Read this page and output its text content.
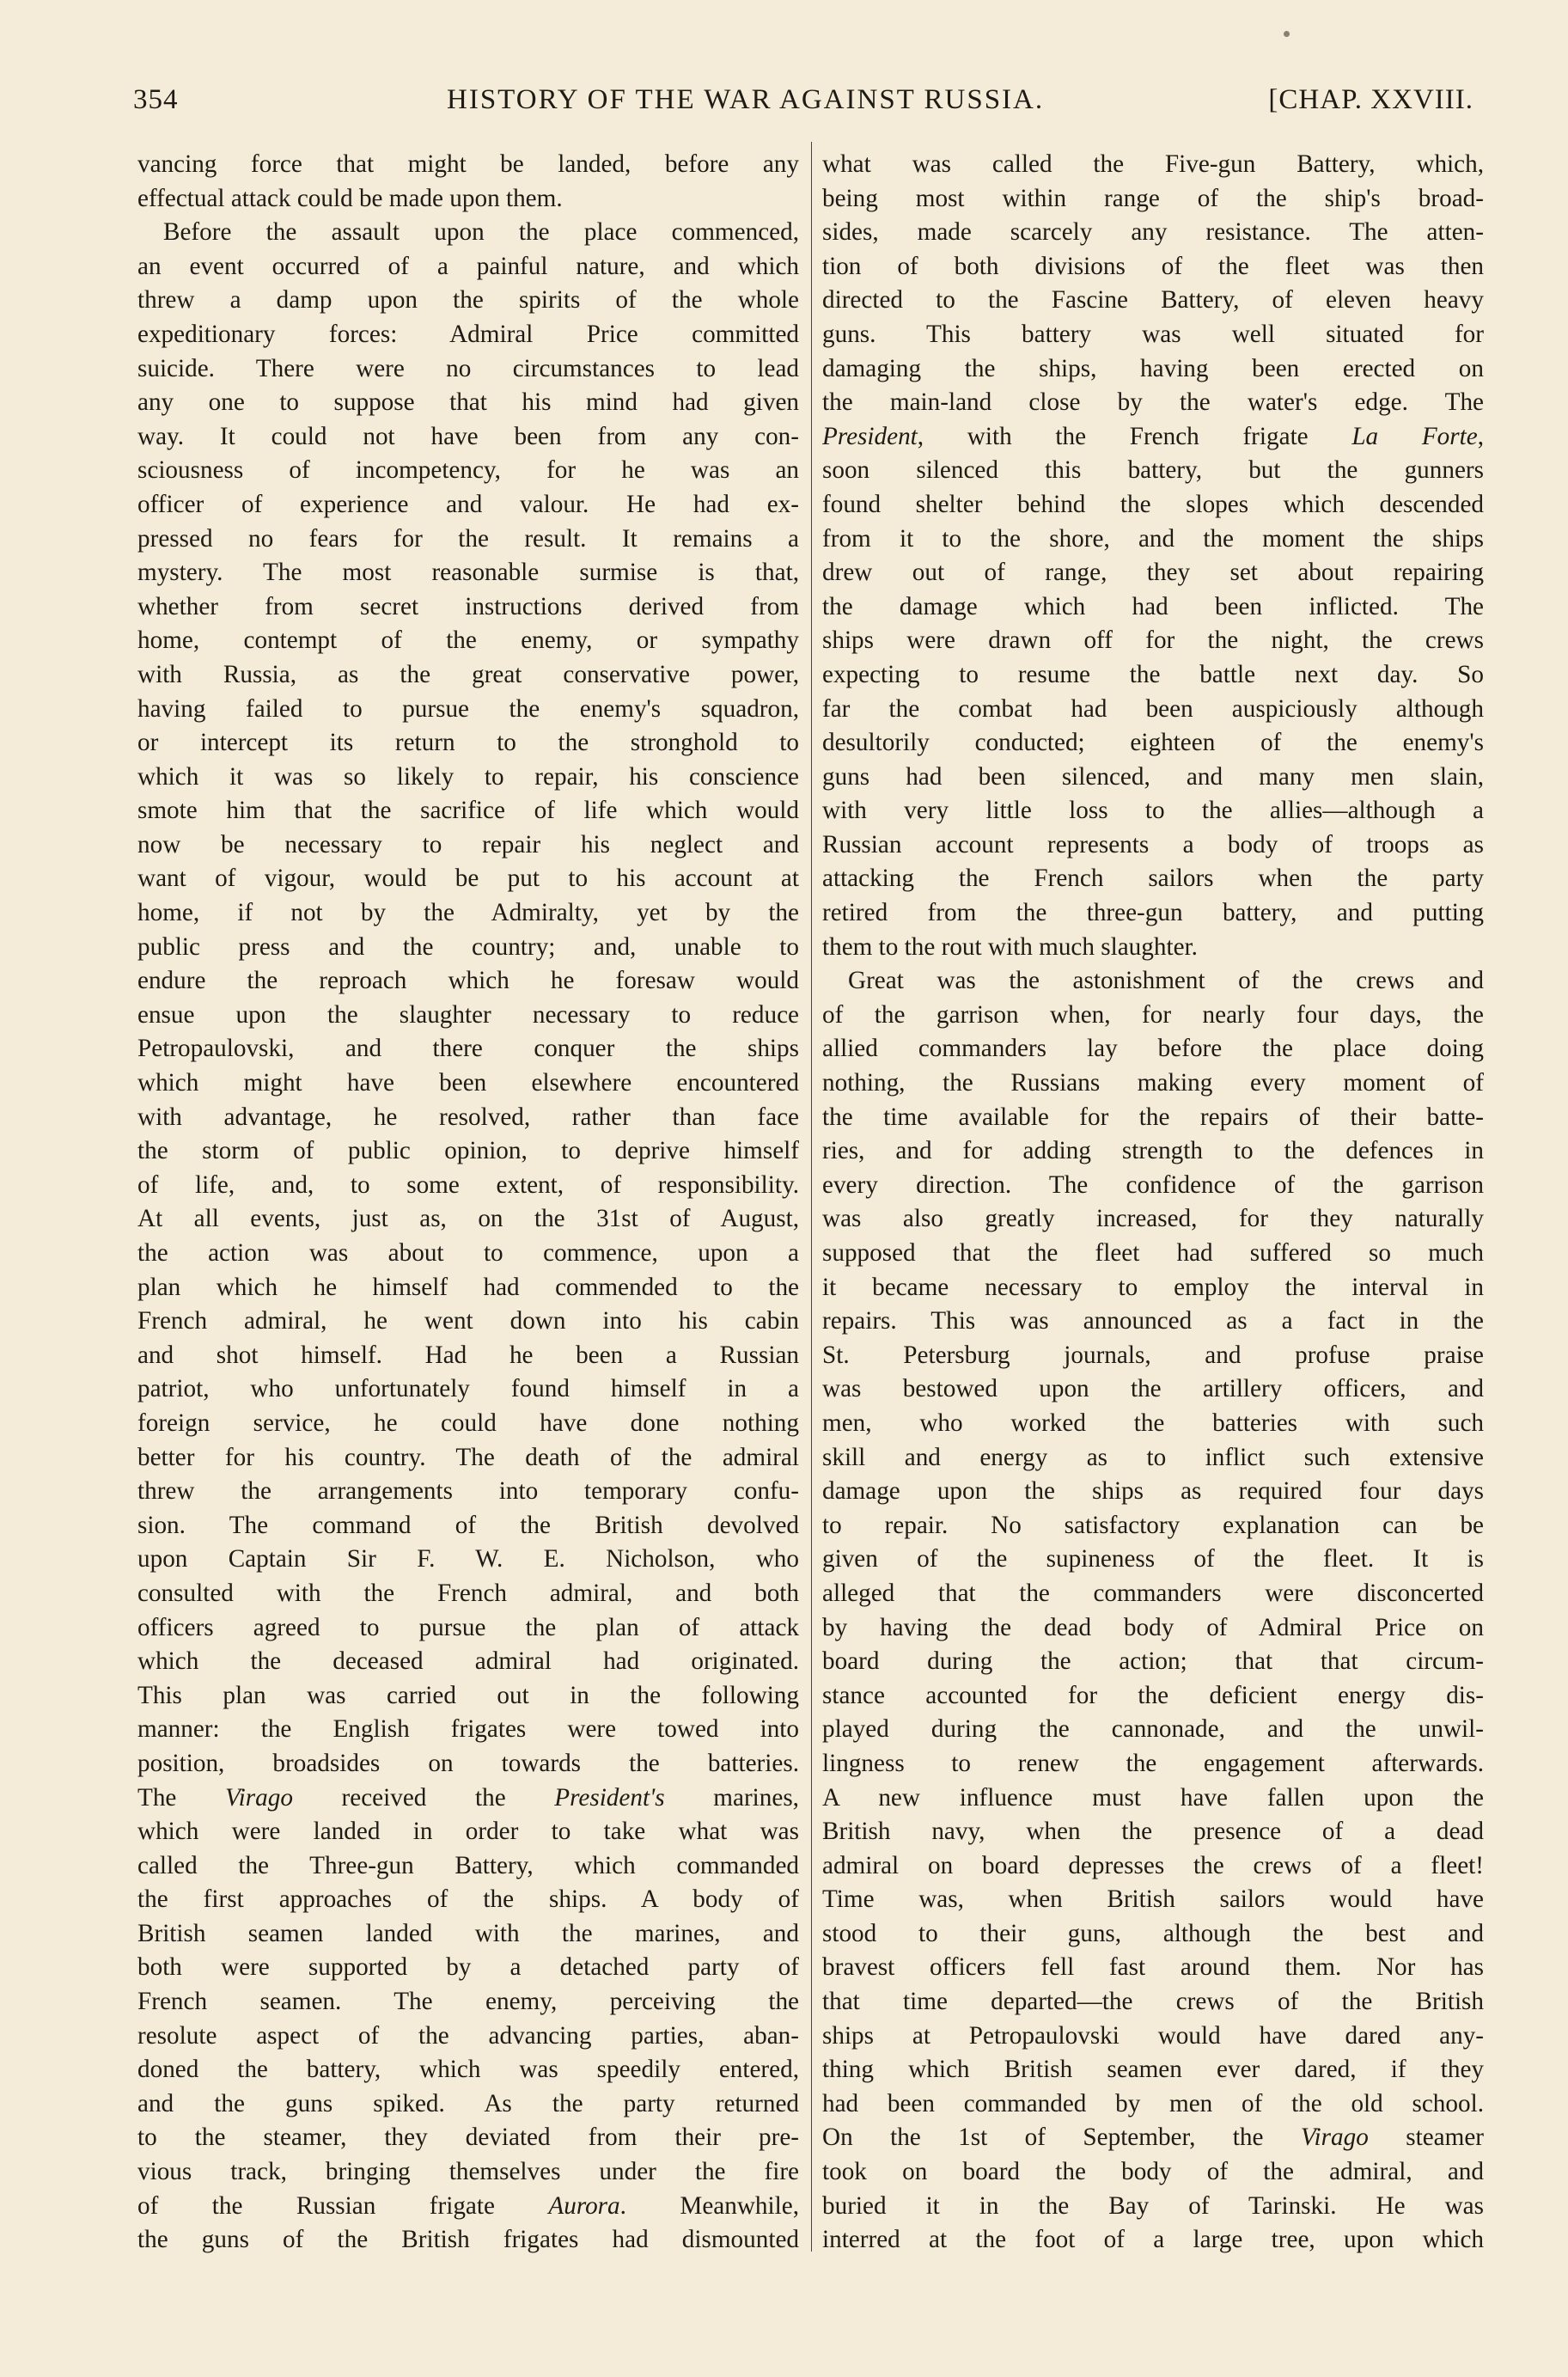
354	HISTORY OF THE WAR AGAINST RUSSIA.	[CHAP. XXVIII.
vancing force that might be landed, before any
effectual attack could be made upon them.
Before the assault upon the place commenced,
an event occurred of a painful nature, and which
threw a damp upon the spirits of the whole
expeditionary forces: Admiral Price committed
suicide. There were no circumstances to lead
any one to suppose that his mind had given
way. It could not have been from any con-
sciousness of incompetency, for he was an
officer of experience and valour. He had ex-
pressed no fears for the result. It remains a
mystery. The most reasonable surmise is that,
whether from secret instructions derived from
home, contempt of the enemy, or sympathy
with Russia, as the great conservative power,
having failed to pursue the enemy's squadron,
or intercept its return to the stronghold to
which it was so likely to repair, his conscience
smote him that the sacrifice of life which would
now be necessary to repair his neglect and
want of vigour, would be put to his account at
home, if not by the Admiralty, yet by the
public press and the country; and, unable to
endure the reproach which he foresaw would
ensue upon the slaughter necessary to reduce
Petropaulovski, and there conquer the ships
which might have been elsewhere encountered
with advantage, he resolved, rather than face
the storm of public opinion, to deprive himself
of life, and, to some extent, of responsibility.
At all events, just as, on the 31st of August,
the action was about to commence, upon a
plan which he himself had commended to the
French admiral, he went down into his cabin
and shot himself. Had he been a Russian
patriot, who unfortunately found himself in a
foreign service, he could have done nothing
better for his country. The death of the admiral
threw the arrangements into temporary confu-
sion. The command of the British devolved
upon Captain Sir F. W. E. Nicholson, who
consulted with the French admiral, and both
officers agreed to pursue the plan of attack
which the deceased admiral had originated.
This plan was carried out in the following
manner: the English frigates were towed into
position, broadsides on towards the batteries.
The Virago received the President's marines,
which were landed in order to take what was
called the Three-gun Battery, which commanded
the first approaches of the ships. A body of
British seamen landed with the marines, and
both were supported by a detached party of
French seamen. The enemy, perceiving the
resolute aspect of the advancing parties, aban-
doned the battery, which was speedily entered,
and the guns spiked. As the party returned
to the steamer, they deviated from their pre-
vious track, bringing themselves under the fire
of the Russian frigate Aurora. Meanwhile,
the guns of the British frigates had dismounted
what was called the Five-gun Battery, which,
being most within range of the ship's broad-
sides, made scarcely any resistance. The atten-
tion of both divisions of the fleet was then
directed to the Fascine Battery, of eleven heavy
guns. This battery was well situated for
damaging the ships, having been erected on
the main-land close by the water's edge. The
President, with the French frigate La Forte,
soon silenced this battery, but the gunners
found shelter behind the slopes which descended
from it to the shore, and the moment the ships
drew out of range, they set about repairing
the damage which had been inflicted. The
ships were drawn off for the night, the crews
expecting to resume the battle next day. So
far the combat had been auspiciously although
desultorily conducted; eighteen of the enemy's
guns had been silenced, and many men slain,
with very little loss to the allies—although a
Russian account represents a body of troops as
attacking the French sailors when the party
retired from the three-gun battery, and putting
them to the rout with much slaughter.
Great was the astonishment of the crews and
of the garrison when, for nearly four days, the
allied commanders lay before the place doing
nothing, the Russians making every moment of
the time available for the repairs of their batte-
ries, and for adding strength to the defences in
every direction. The confidence of the garrison
was also greatly increased, for they naturally
supposed that the fleet had suffered so much
it became necessary to employ the interval in
repairs. This was announced as a fact in the
St. Petersburg journals, and profuse praise
was bestowed upon the artillery officers, and
men, who worked the batteries with such
skill and energy as to inflict such extensive
damage upon the ships as required four days
to repair. No satisfactory explanation can be
given of the supineness of the fleet. It is
alleged that the commanders were disconcerted
by having the dead body of Admiral Price on
board during the action; that that circum-
stance accounted for the deficient energy dis-
played during the cannonade, and the unwil-
lingness to renew the engagement afterwards.
A new influence must have fallen upon the
British navy, when the presence of a dead
admiral on board depresses the crews of a fleet!
Time was, when British sailors would have
stood to their guns, although the best and
bravest officers fell fast around them. Nor has
that time departed—the crews of the British
ships at Petropaulovski would have dared any-
thing which British seamen ever dared, if they
had been commanded by men of the old school.
On the 1st of September, the Virago steamer
took on board the body of the admiral, and
buried it in the Bay of Tarinski. He was
interred at the foot of a large tree, upon which
